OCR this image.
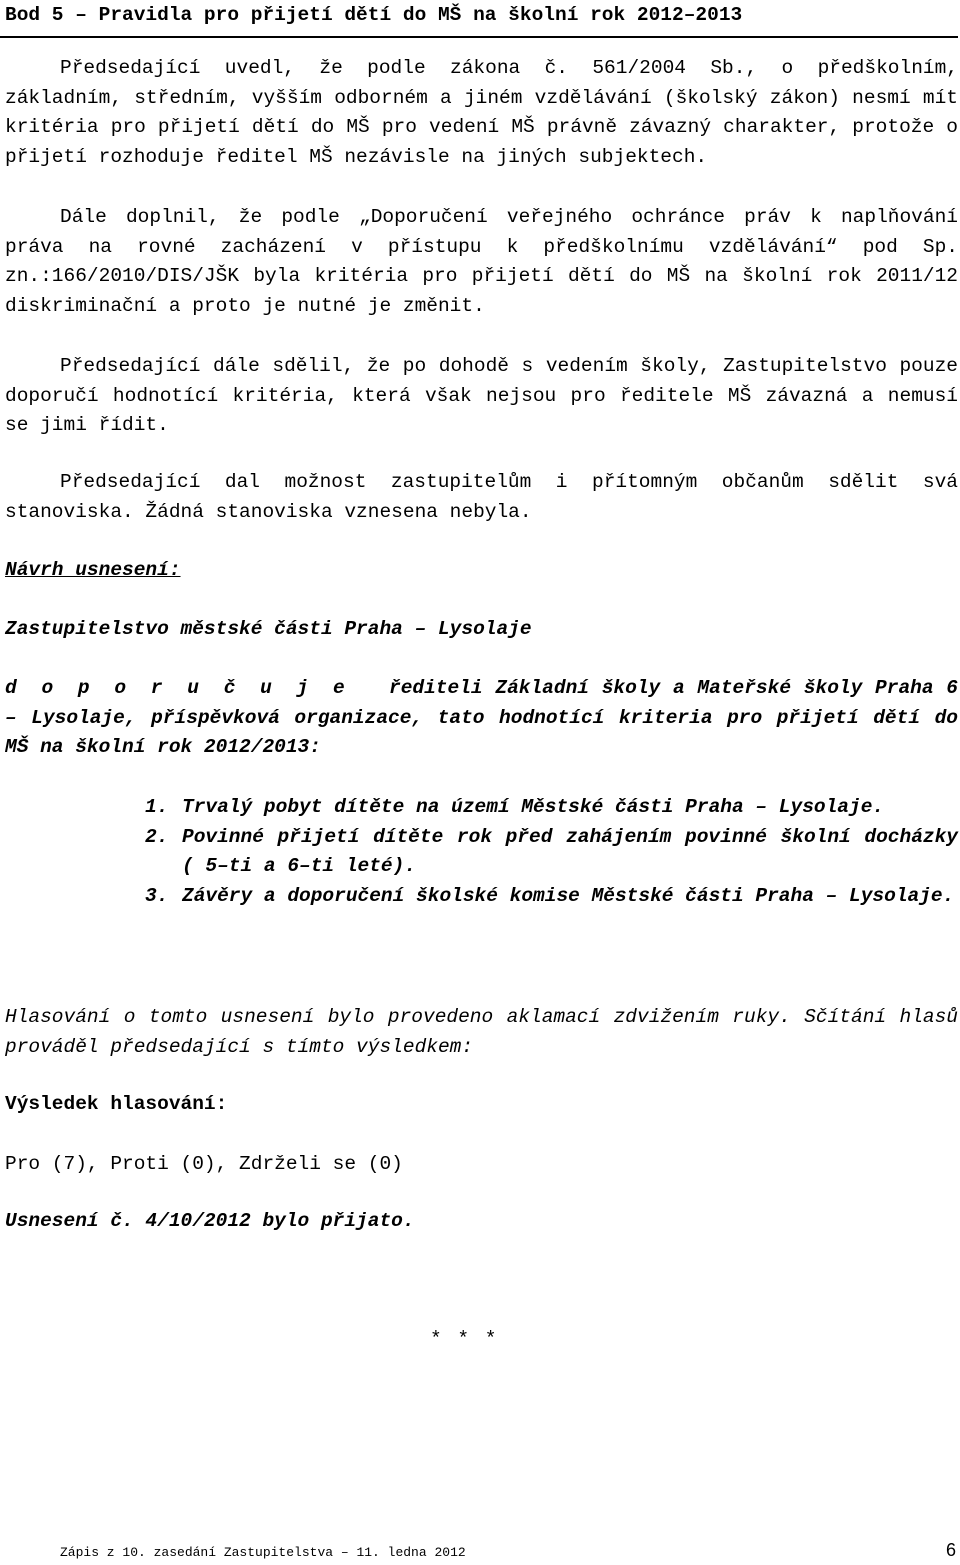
Bod 5 – Pravidla pro přijetí dětí do MŠ na školní rok 2012–2013
Předsedající uvedl, že podle zákona č. 561/2004 Sb., o předškolním, základním, středním, vyšším odborném a jiném vzdělávání (školský zákon) nesmí mít kritéria pro přijetí dětí do MŠ pro vedení MŠ právně závazný charakter, protože o přijetí rozhoduje ředitel MŠ nezávisle na jiných subjektech.
Dále doplnil, že podle „Doporučení veřejného ochránce práv k naplňování práva na rovné zacházení v přístupu k předškolnímu vzdělávání“ pod Sp. zn.:166/2010/DIS/JŠK byla kritéria pro přijetí dětí do MŠ na školní rok 2011/12 diskriminační a proto je nutné je změnit.
Předsedající dále sdělil, že po dohodě s vedením školy, Zastupitelstvo pouze doporučí hodnotící kritéria, která však nejsou pro ředitele MŠ závazná a nemusí se jimi řídit.
Předsedající dal možnost zastupitelům i přítomným občanům sdělit svá stanoviska. Žádná stanoviska vznesena nebyla.
Návrh usnesení:
Zastupitelstvo městské části Praha – Lysolaje
d o p o r u č u j e řediteli Základní školy a Mateřské školy Praha 6 – Lysolaje, příspěvková organizace, tato hodnotící kriteria pro přijetí dětí do MŠ na školní rok 2012/2013:
1. Trvalý pobyt dítěte na území Městské části Praha – Lysolaje.
2. Povinné přijetí dítěte rok před zahájením povinné školní docházky ( 5–ti a 6–ti leté).
3. Závěry a doporučení školské komise Městské části Praha – Lysolaje.
Hlasování o tomto usnesení bylo provedeno aklamací zdvižením ruky. Sčítání hlasů prováděl předsedající s tímto výsledkem:
Výsledek hlasování:
Pro (7), Proti (0), Zdrželi se (0)
Usnesení č. 4/10/2012 bylo přijato.
* * *
Zápis z 10. zasedání Zastupitelstva – 11. ledna 2012	6
